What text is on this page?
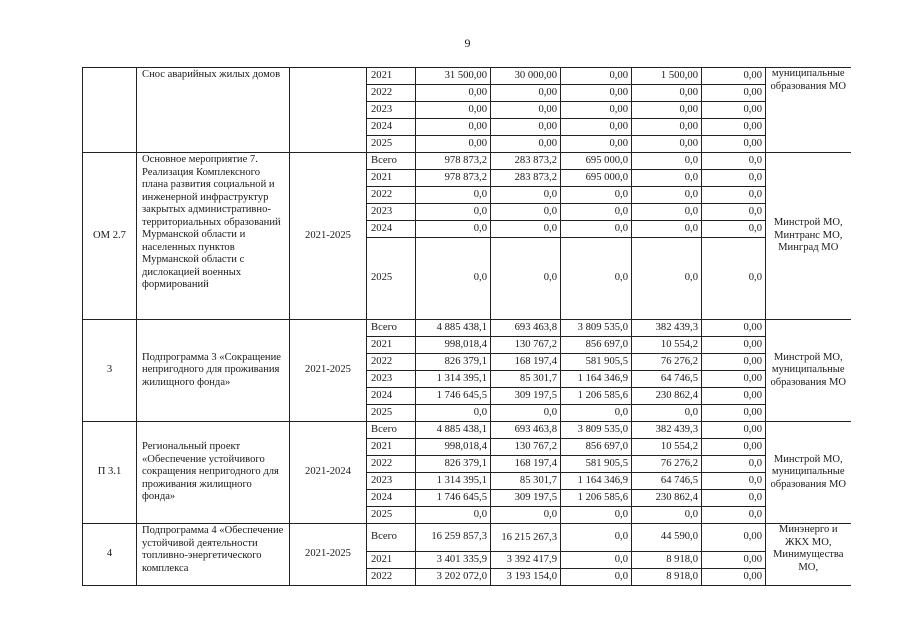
9
	Снос аварийных жилых домов		2021	31 500,00	30 000,00	0,00	1 500,00	0,00	муниципальные образования МО
			2022	0,00	0,00	0,00	0,00	0,00	
			2023	0,00	0,00	0,00	0,00	0,00	
			2024	0,00	0,00	0,00	0,00	0,00	
			2025	0,00	0,00	0,00	0,00	0,00	
ОМ 2.7	Основное мероприятие 7. Реализация Комплексного плана развития социальной и инженерной инфраструктур закрытых административно-территориальных образований Мурманской области и населенных пунктов Мурманской области с дислокацией военных формирований	2021-2025	Всего	978 873,2	283 873,2	695 000,0	0,0	0,0	Минстрой МО, Минтранс МО, Минград МО
			2021	978 873,2	283 873,2	695 000,0	0,0	0,0	
			2022	0,0	0,0	0,0	0,0	0,0	
			2023	0,0	0,0	0,0	0,0	0,0	
			2024	0,0	0,0	0,0	0,0	0,0	
			2025	0,0	0,0	0,0	0,0	0,0	
3	Подпрограмма 3 «Сокращение непригодного для проживания жилищного фонда»	2021-2025	Всего	4 885 438,1	693 463,8	3 809 535,0	382 439,3	0,00	Минстрой МО, муниципальные образования МО
			2021	998,018,4	130 767,2	856 697,0	10 554,2	0,00	
			2022	826 379,1	168 197,4	581 905,5	76 276,2	0,00	
			2023	1 314 395,1	85 301,7	1 164 346,9	64 746,5	0,00	
			2024	1 746 645,5	309 197,5	1 206 585,6	230 862,4	0,00	
			2025	0,0	0,0	0,0	0,0	0,00	
П 3.1	Региональный проект «Обеспечение устойчивого сокращения непригодного для проживания жилищного фонда»	2021-2024	Всего	4 885 438,1	693 463,8	3 809 535,0	382 439,3	0,00	Минстрой МО, муниципальные образования МО
			2021	998,018,4	130 767,2	856 697,0	10 554,2	0,00	
			2022	826 379,1	168 197,4	581 905,5	76 276,2	0,0	
			2023	1 314 395,1	85 301,7	1 164 346,9	64 746,5	0,0	
			2024	1 746 645,5	309 197,5	1 206 585,6	230 862,4	0,0	
			2025	0,0	0,0	0,0	0,0	0,0	
4	Подпрограмма 4 «Обеспечение устойчивой деятельности топливно-энергетического комплекса	2021-2025	Всего	16 259 857,3	16 215 267,3	0,0	44 590,0	0,00	Минэнерго и ЖКХ МО, Минимущества МО,
			2021	3 401 335,9	3 392 417,9	0,0	8 918,0	0,00	
			2022	3 202 072,0	3 193 154,0	0,0	8 918,0	0,00	
